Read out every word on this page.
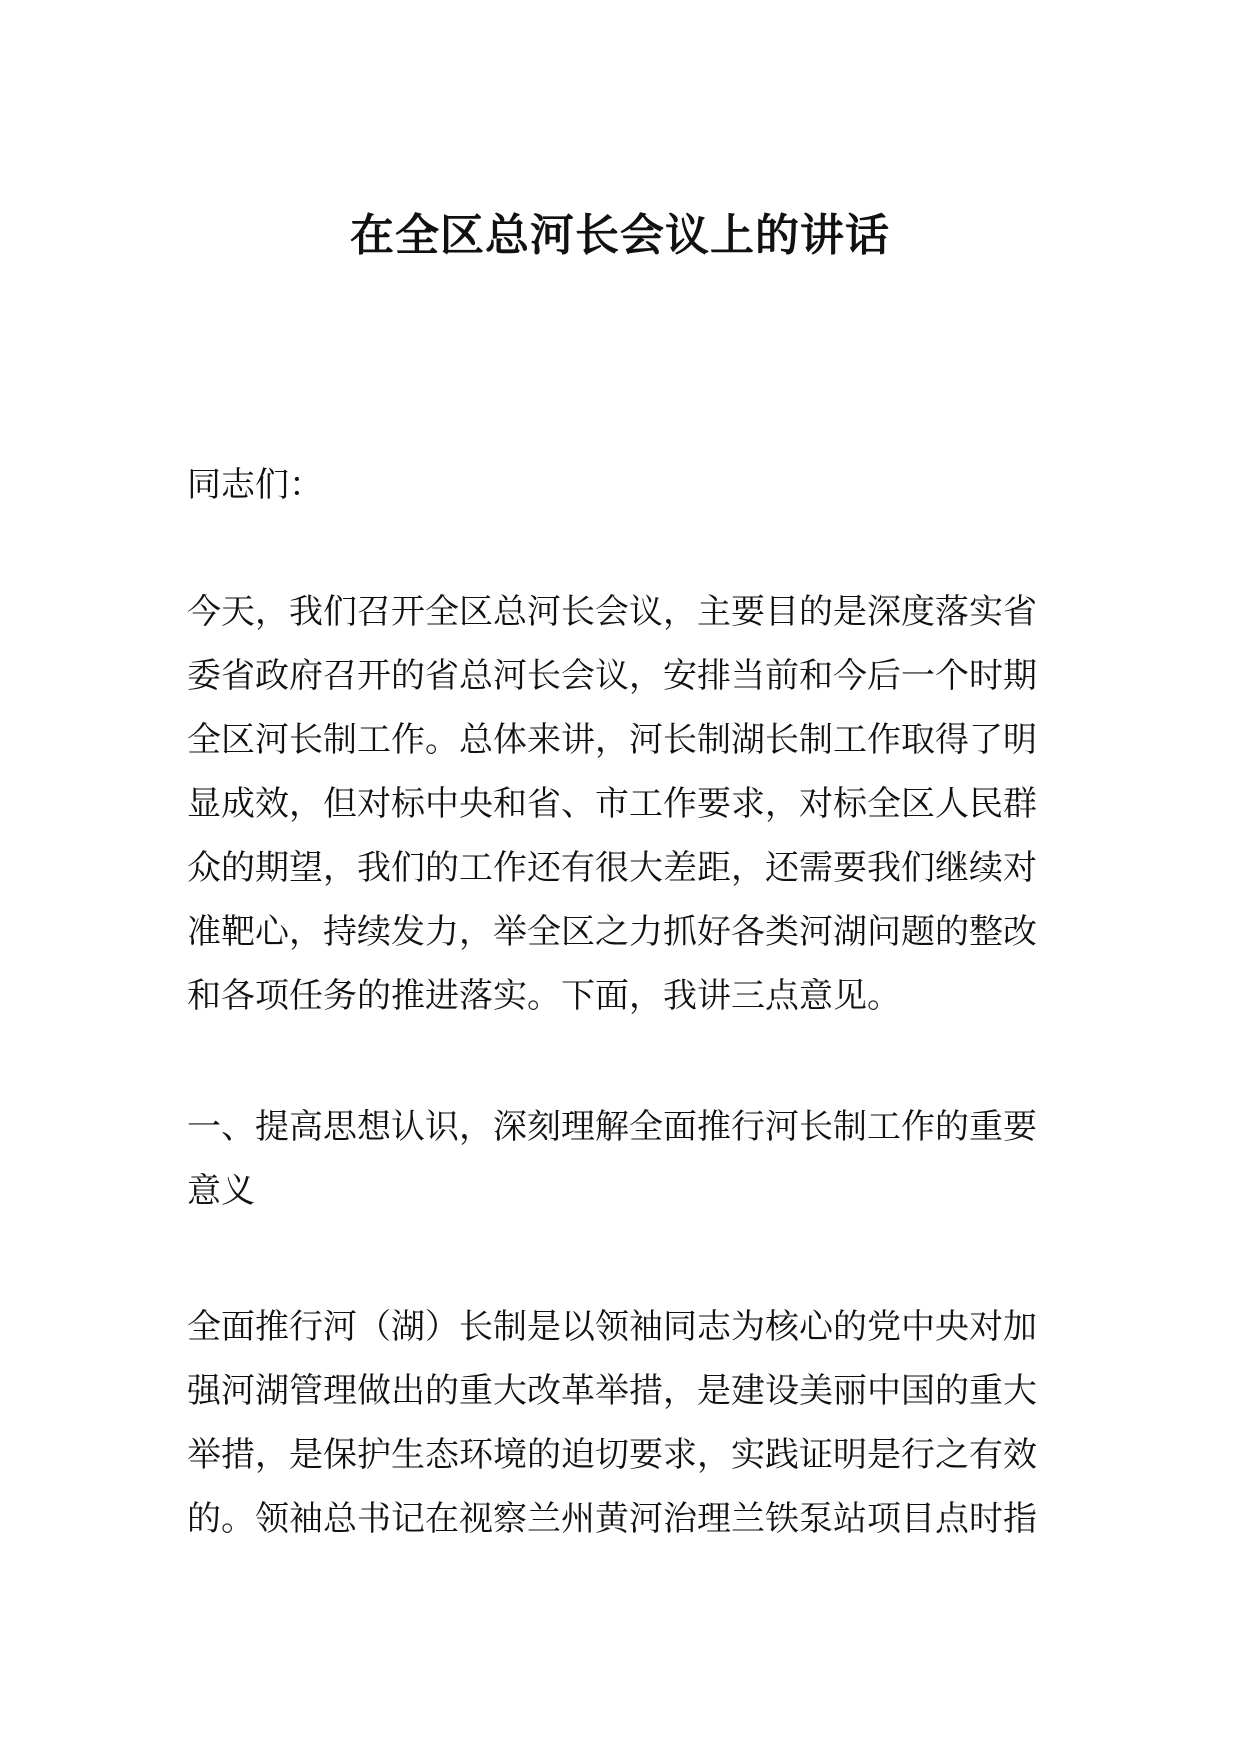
在全区总河长会议上的讲话

同志们：

今天，我们召开全区总河长会议，主要目的是深度落实省
委省政府召开的省总河长会议，安排当前和今后一个时期
全区河长制工作。总体来讲，河长制湖长制工作取得了明
显成效，但对标中央和省、市工作要求，对标全区人民群
众的期望，我们的工作还有很大差距，还需要我们继续对
准靶心，持续发力，举全区之力抓好各类河湖问题的整改
和各项任务的推进落实。下面，我讲三点意见。

一、提高思想认识，深刻理解全面推行河长制工作的重要
意义

全面推行河（湖）长制是以领袖同志为核心的党中央对加
强河湖管理做出的重大改革举措，是建设美丽中国的重大
举措，是保护生态环境的迫切要求，实践证明是行之有效
的。领袖总书记在视察兰州黄河治理兰铁泵站项目点时指
